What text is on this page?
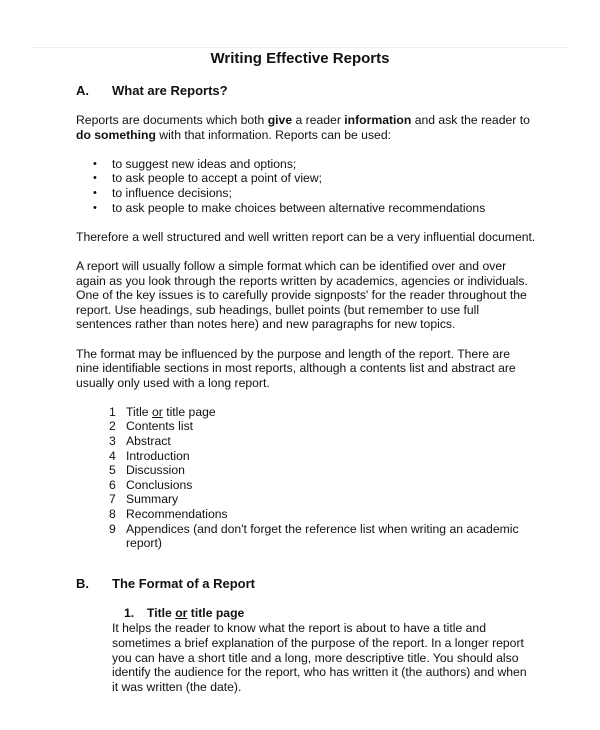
Writing Effective Reports
A. What are Reports?

Reports are documents which both give a reader information and ask the reader to
do something with that information. Reports can be used:

• to suggest new ideas and options;
• to ask people to accept a point of view;
• to influence decisions;
• to ask people to make choices between alternative recommendations

Therefore a well structured and well written report can be a very influential document.

A report will usually follow a simple format which can be identified over and over
again as you look through the reports written by academics, agencies or individuals.
One of the key issues is to carefully provide signposts' for the reader throughout the
report. Use headings, sub headings, bullet points (but remember to use full
sentences rather than notes here) and new paragraphs for new topics.

The format may be influenced by the purpose and length of the report. There are
nine identifiable sections in most reports, although a contents list and abstract are
usually only used with a long report.

1 Title or title page
2 Contents list
3 Abstract
4 Introduction
5 Discussion
6 Conclusions
7 Summary
8 Recommendations
9 Appendices (and don't forget the reference list when writing an academic
report)
B. The Format of a Report
1. Title or title page

It helps the reader to know what the report is about to have a title and
sometimes a brief explanation of the purpose of the report. In a longer report
you can have a short title and a long, more descriptive title. You should also
identify the audience for the report, who has written it (the authors) and when
it was written (the date).
